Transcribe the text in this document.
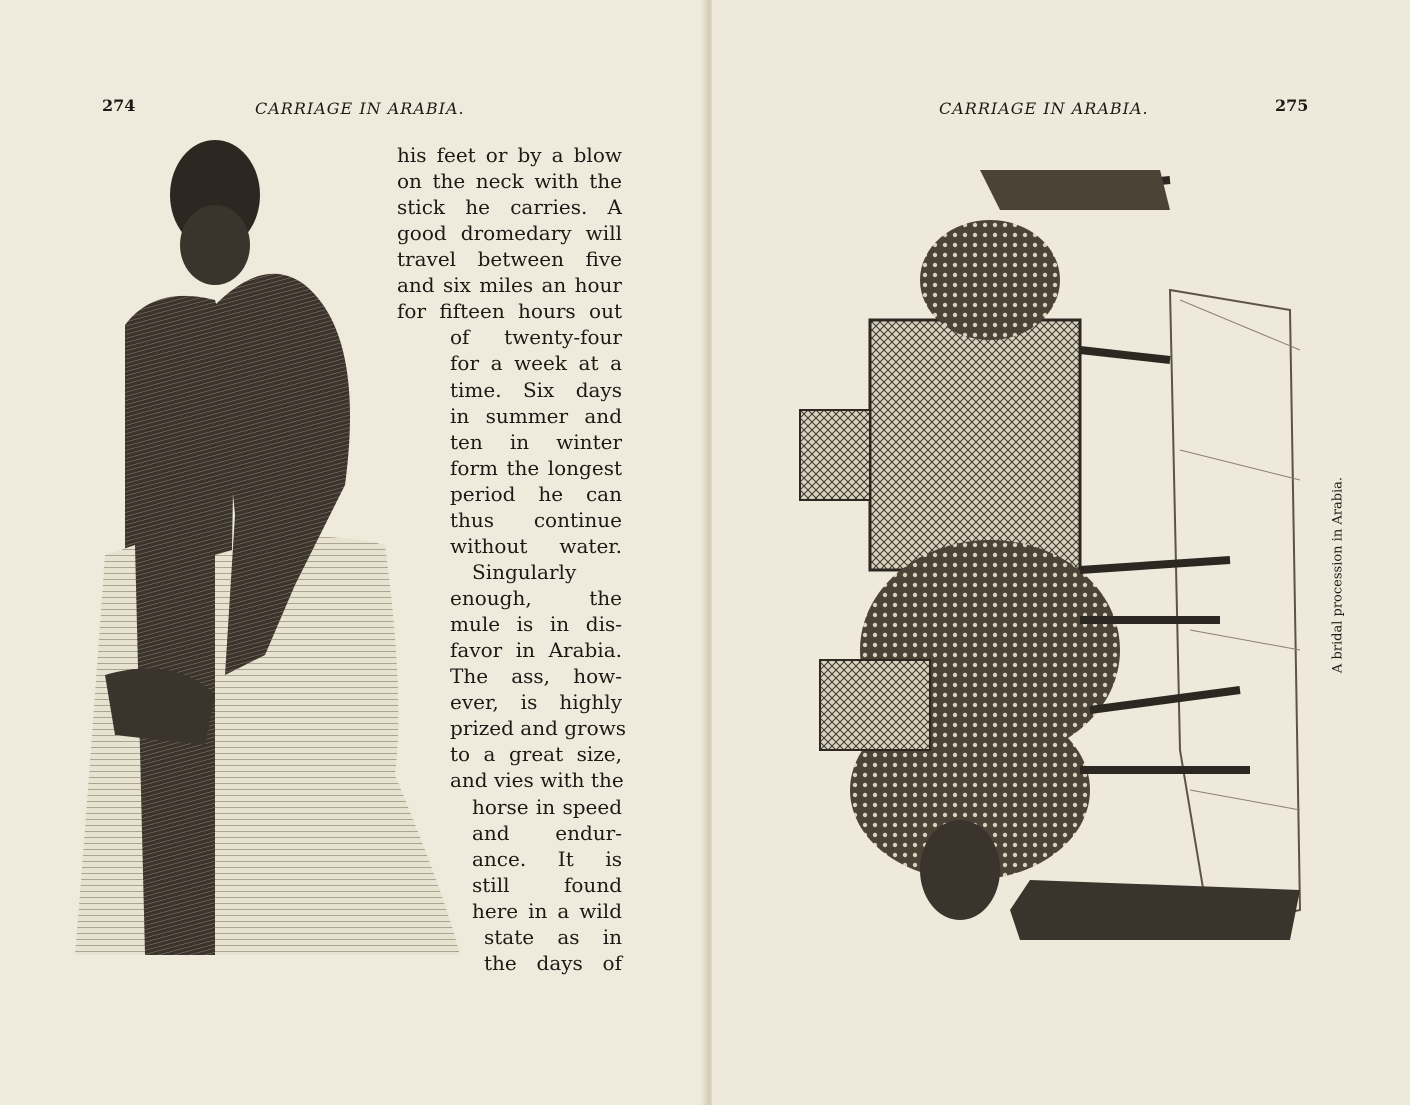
274	CARRIAGE IN ARABIA.
his feet or by a blow
on the neck with the
stick he carries. A
good dromedary will
travel between five
and six miles an hour
for fifteen hours out
of twenty-four
for a week at a
time. Six days
in summer and
ten in winter
form the longest
period he can
thus continue
without water.
Singularly
enough, the
mule is in dis-
favor in Arabia.
The ass, how-
ever, is highly
prized and grows
to a great size,
and vies with the
horse in speed
and endur-
ance. It is
still found
here in a wild
state as in
the days of
CARRIAGE IN ARABIA.	275
A bridal procession in Arabia.
